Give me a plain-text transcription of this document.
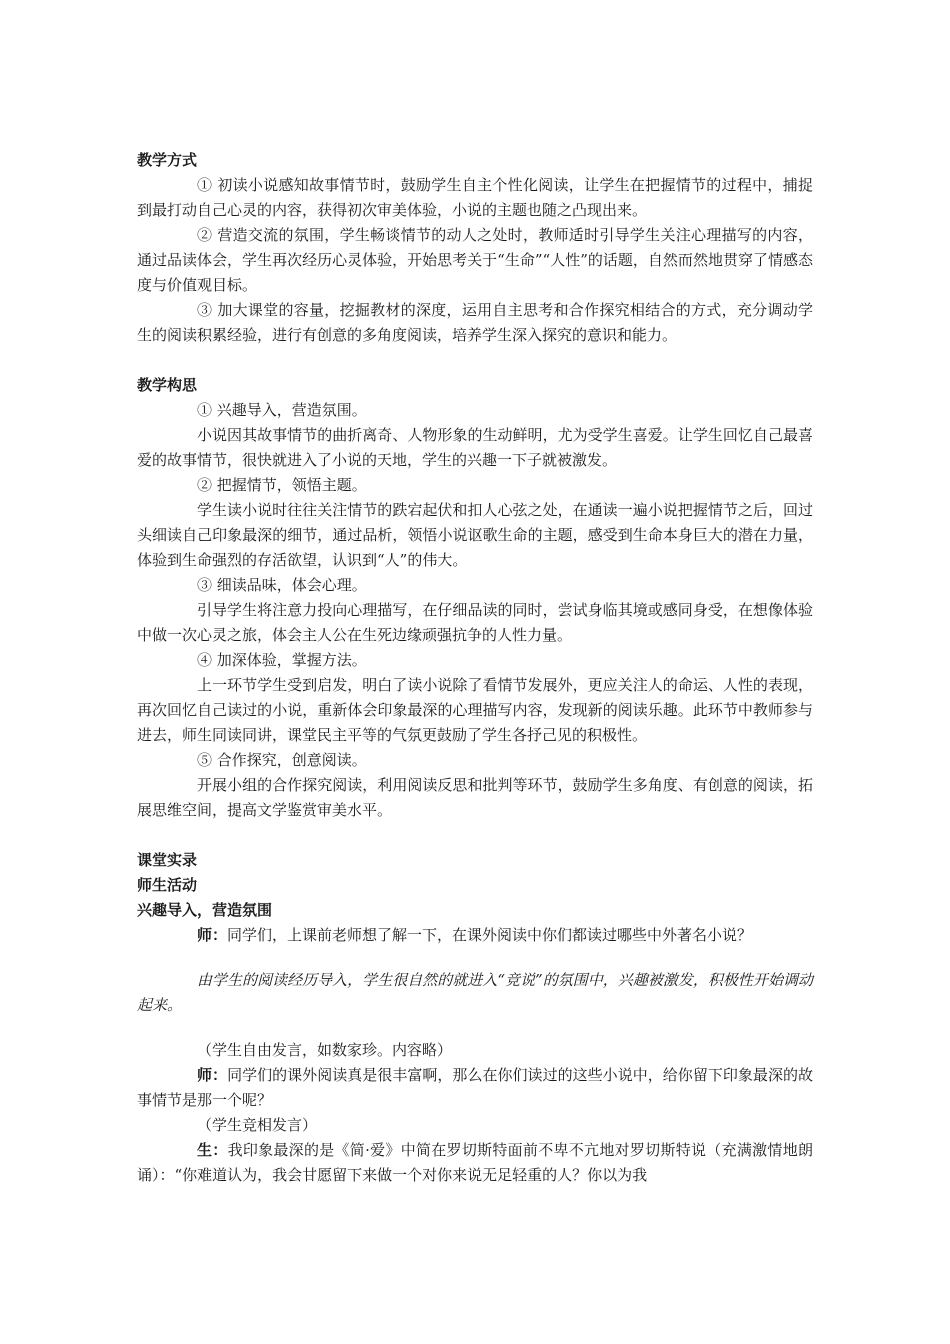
教学方式

① 初读小说感知故事情节时，鼓励学生自主个性化阅读，让学生在把握情节的过程中，捕捉到最打动自己心灵的内容，获得初次审美体验，小说的主题也随之凸现出来。

② 营造交流的氛围，学生畅谈情节的动人之处时，教师适时引导学生关注心理描写的内容，通过品读体会，学生再次经历心灵体验，开始思考关于“生命”“人性”的话题，自然而然地贯穿了情感态度与价值观目标。

③ 加大课堂的容量，挖掘教材的深度，运用自主思考和合作探究相结合的方式，充分调动学生的阅读积累经验，进行有创意的多角度阅读，培养学生深入探究的意识和能力。

教学构思

① 兴趣导入，营造氛围。

小说因其故事情节的曲折离奇、人物形象的生动鲜明，尤为受学生喜爱。让学生回忆自己最喜爱的故事情节，很快就进入了小说的天地，学生的兴趣一下子就被激发。

② 把握情节，领悟主题。

学生读小说时往往关注情节的跌宕起伏和扣人心弦之处，在通读一遍小说把握情节之后，回过头细读自己印象最深的细节，通过品析，领悟小说讴歌生命的主题，感受到生命本身巨大的潜在力量，体验到生命强烈的存活欲望，认识到“人”的伟大。

③ 细读品味，体会心理。

引导学生将注意力投向心理描写，在仔细品读的同时，尝试身临其境或感同身受，在想像体验中做一次心灵之旅，体会主人公在生死边缘顽强抗争的人性力量。

④ 加深体验，掌握方法。

上一环节学生受到启发，明白了读小说除了看情节发展外，更应关注人的命运、人性的表现，再次回忆自己读过的小说，重新体会印象最深的心理描写内容，发现新的阅读乐趣。此环节中教师参与进去，师生同读同讲，课堂民主平等的气氛更鼓励了学生各抒己见的积极性。

⑤ 合作探究，创意阅读。

开展小组的合作探究阅读，利用阅读反思和批判等环节，鼓励学生多角度、有创意的阅读，拓展思维空间，提高文学鉴赏审美水平。

课堂实录
师生活动
兴趣导入，营造氛围

师：同学们，上课前老师想了解一下，在课外阅读中你们都读过哪些中外著名小说？

由学生的阅读经历导入，学生很自然的就进入“竞说”的氛围中，兴趣被激发，积极性开始调动起来。

（学生自由发言，如数家珍。内容略）

师：同学们的课外阅读真是很丰富啊，那么在你们读过的这些小说中，给你留下印象最深的故事情节是那一个呢？

（学生竞相发言）

生：我印象最深的是《简·爱》中简在罗切斯特面前不卑不亢地对罗切斯特说（充满激情地朗诵）：“你难道认为，我会甘愿留下来做一个对你来说无足轻重的人？你以为我
